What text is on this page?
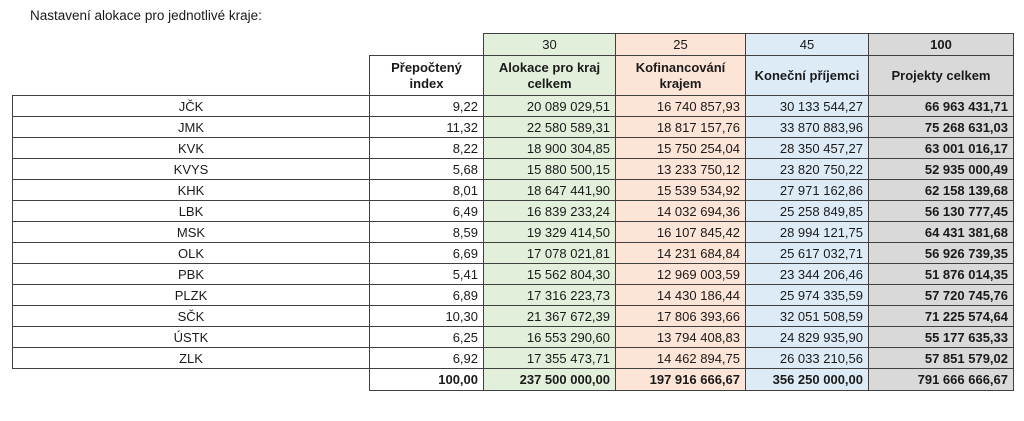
Nastavení alokace pro jednotlivé kraje:
		30	25	45	100
	Přepočtený index	Alokace pro kraj celkem	Kofinancování krajem	Koneční příjemci	Projekty celkem
JČK	9,22	20 089 029,51	16 740 857,93	30 133 544,27	66 963 431,71
JMK	11,32	22 580 589,31	18 817 157,76	33 870 883,96	75 268 631,03
KVK	8,22	18 900 304,85	15 750 254,04	28 350 457,27	63 001 016,17
KVYS	5,68	15 880 500,15	13 233 750,12	23 820 750,22	52 935 000,49
KHK	8,01	18 647 441,90	15 539 534,92	27 971 162,86	62 158 139,68
LBK	6,49	16 839 233,24	14 032 694,36	25 258 849,85	56 130 777,45
MSK	8,59	19 329 414,50	16 107 845,42	28 994 121,75	64 431 381,68
OLK	6,69	17 078 021,81	14 231 684,84	25 617 032,71	56 926 739,35
PBK	5,41	15 562 804,30	12 969 003,59	23 344 206,46	51 876 014,35
PLZK	6,89	17 316 223,73	14 430 186,44	25 974 335,59	57 720 745,76
SČK	10,30	21 367 672,39	17 806 393,66	32 051 508,59	71 225 574,64
ÚSTK	6,25	16 553 290,60	13 794 408,83	24 829 935,90	55 177 635,33
ZLK	6,92	17 355 473,71	14 462 894,75	26 033 210,56	57 851 579,02
	100,00	237 500 000,00	197 916 666,67	356 250 000,00	791 666 666,67
